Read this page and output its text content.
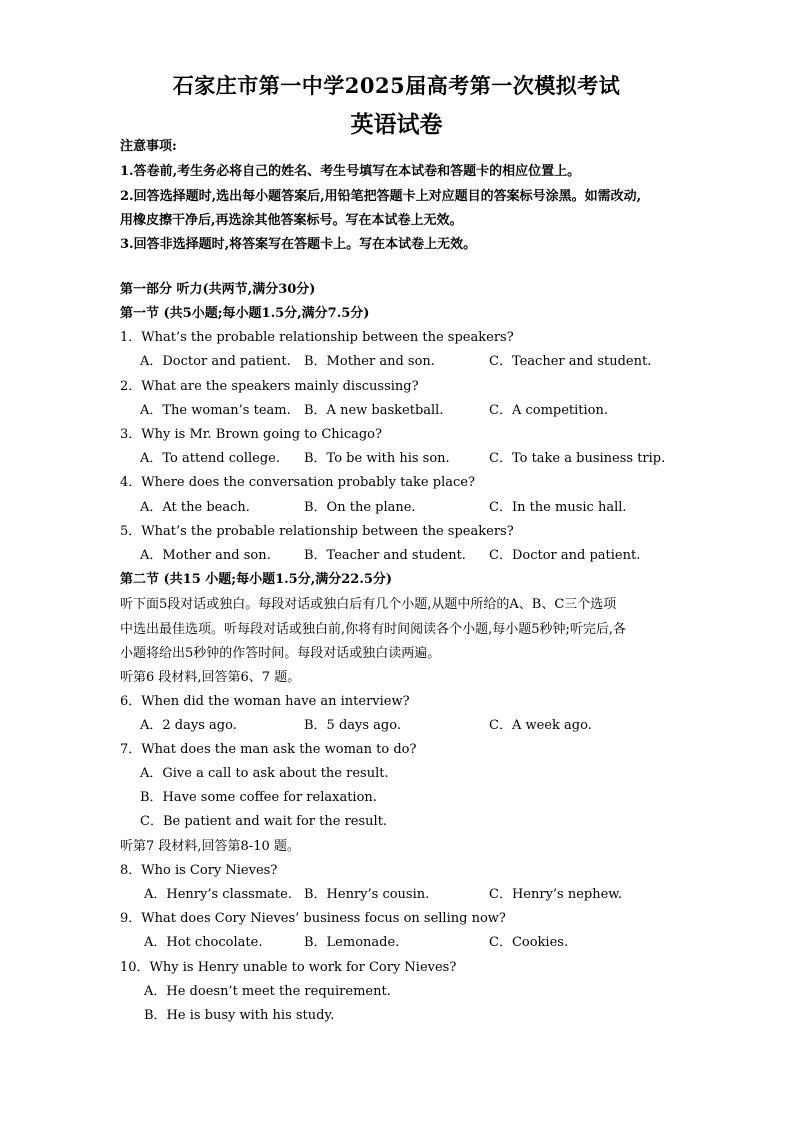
石家庄市第一中学2025届高考第一次模拟考试
英语试卷
注意事项:
1.答卷前,考生务必将自己的姓名、考生号填写在本试卷和答题卡的相应位置上。
2.回答选择题时,选出每小题答案后,用铅笔把答题卡上对应题目的答案标号涂黑。如需改动,
用橡皮擦干净后,再选涂其他答案标号。写在本试卷上无效。
3.回答非选择题时,将答案写在答题卡上。写在本试卷上无效。
第一部分 听力(共两节,满分30分)
第一节 (共5小题;每小题1.5分,满分7.5分)
1．What’s the probable relationship between the speakers?
A．Doctor and patient. B．Mother and son.	C．Teacher and student.
2．What are the speakers mainly discussing?
A．The woman’s team. B．A new basketball.	C．A competition.
3．Why is Mr. Brown going to Chicago?
A．To attend college. B．To be with his son.	C．To take a business trip.
4．Where does the conversation probably take place?
A．At the beach.	B．On the plane.	C．In the music hall.
5．What’s the probable relationship between the speakers?
A．Mother and son.	B．Teacher and student. C．Doctor and patient.
第二节 (共15 小题;每小题1.5分,满分22.5分)
听下面5段对话或独白。每段对话或独白后有几个小题,从题中所给的A、B、C三个选项
中选出最佳选项。听每段对话或独白前,你将有时间阅读各个小题,每小题5秒钟;听完后,各
小题将给出5秒钟的作答时间。每段对话或独白读两遍。
听第6 段材料,回答第6、7 题。
6．When did the woman have an interview?
A．2 days ago.	B．5 days ago.	C．A week ago.
7．What does the man ask the woman to do?
A．Give a call to ask about the result.
B．Have some coffee for relaxation.
C．Be patient and wait for the result.
听第7 段材料,回答第8-10 题。
8．Who is Cory Nieves?
A．Henry’s classmate. B．Henry’s cousin.	C．Henry’s nephew.
9．What does Cory Nieves’ business focus on selling now?
A．Hot chocolate.	B．Lemonade.	C．Cookies.
10．Why is Henry unable to work for Cory Nieves?
A．He doesn’t meet the requirement.
B．He is busy with his study.
